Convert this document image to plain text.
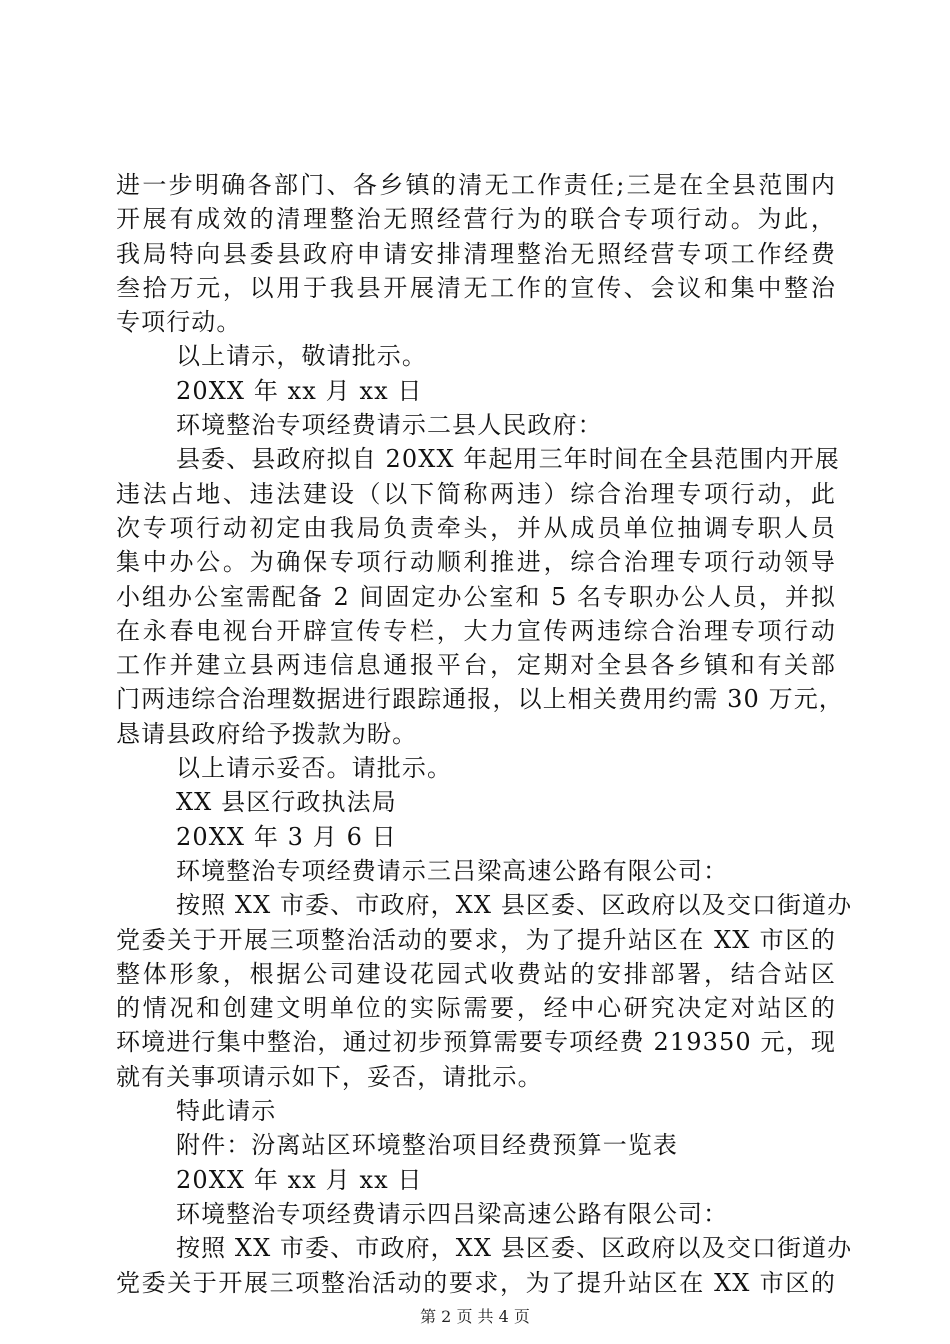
进一步明确各部门、各乡镇的清无工作责任;三是在全县范围内
开展有成效的清理整治无照经营行为的联合专项行动。为此，
我局特向县委县政府申请安排清理整治无照经营专项工作经费
叁拾万元，以用于我县开展清无工作的宣传、会议和集中整治
专项行动。
以上请示，敬请批示。
20XX 年 xx 月 xx 日
环境整治专项经费请示二县人民政府：
县委、县政府拟自 20XX 年起用三年时间在全县范围内开展
违法占地、违法建设（以下简称两违）综合治理专项行动，此
次专项行动初定由我局负责牵头，并从成员单位抽调专职人员
集中办公。为确保专项行动顺利推进，综合治理专项行动领导
小组办公室需配备 2 间固定办公室和 5 名专职办公人员，并拟
在永春电视台开辟宣传专栏，大力宣传两违综合治理专项行动
工作并建立县两违信息通报平台，定期对全县各乡镇和有关部
门两违综合治理数据进行跟踪通报，以上相关费用约需 30 万元，
恳请县政府给予拨款为盼。
以上请示妥否。请批示。
XX 县区行政执法局
20XX 年 3 月 6 日
环境整治专项经费请示三吕梁高速公路有限公司：
按照 XX 市委、市政府，XX 县区委、区政府以及交口街道办
党委关于开展三项整治活动的要求，为了提升站区在 XX 市区的
整体形象，根据公司建设花园式收费站的安排部署，结合站区
的情况和创建文明单位的实际需要，经中心研究决定对站区的
环境进行集中整治，通过初步预算需要专项经费 219350 元，现
就有关事项请示如下，妥否，请批示。
特此请示
附件：汾离站区环境整治项目经费预算一览表
20XX 年 xx 月 xx 日
环境整治专项经费请示四吕梁高速公路有限公司：
按照 XX 市委、市政府，XX 县区委、区政府以及交口街道办
党委关于开展三项整治活动的要求，为了提升站区在 XX 市区的
第 2 页 共 4 页
